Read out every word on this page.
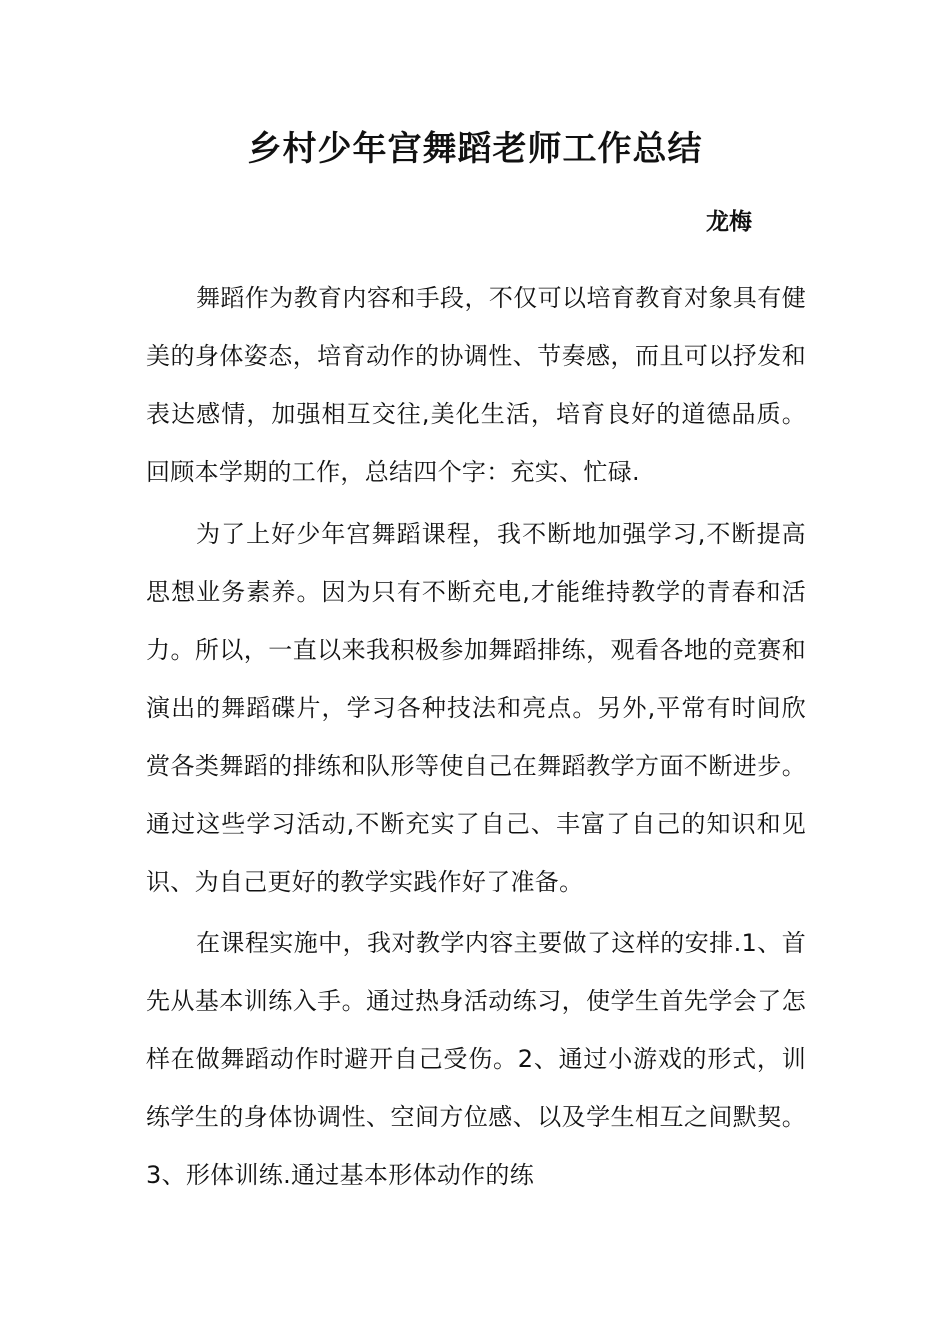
乡村少年宫舞蹈老师工作总结
龙梅

舞蹈作为教育内容和手段，不仅可以培育教育对象具有健美的身体姿态，培育动作的协调性、节奏感，而且可以抒发和表达感情，加强相互交往,美化生活，培育良好的道德品质。回顾本学期的工作，总结四个字：充实、忙碌.

为了上好少年宫舞蹈课程，我不断地加强学习,不断提高思想业务素养。因为只有不断充电,才能维持教学的青春和活力。所以，一直以来我积极参加舞蹈排练，观看各地的竞赛和演出的舞蹈碟片，学习各种技法和亮点。另外,平常有时间欣赏各类舞蹈的排练和队形等使自己在舞蹈教学方面不断进步。通过这些学习活动,不断充实了自己、丰富了自己的知识和见识、为自己更好的教学实践作好了准备。

在课程实施中，我对教学内容主要做了这样的安排.1、首先从基本训练入手。通过热身活动练习，使学生首先学会了怎样在做舞蹈动作时避开自己受伤。2、通过小游戏的形式，训练学生的身体协调性、空间方位感、以及学生相互之间默契。3、形体训练.通过基本形体动作的练
